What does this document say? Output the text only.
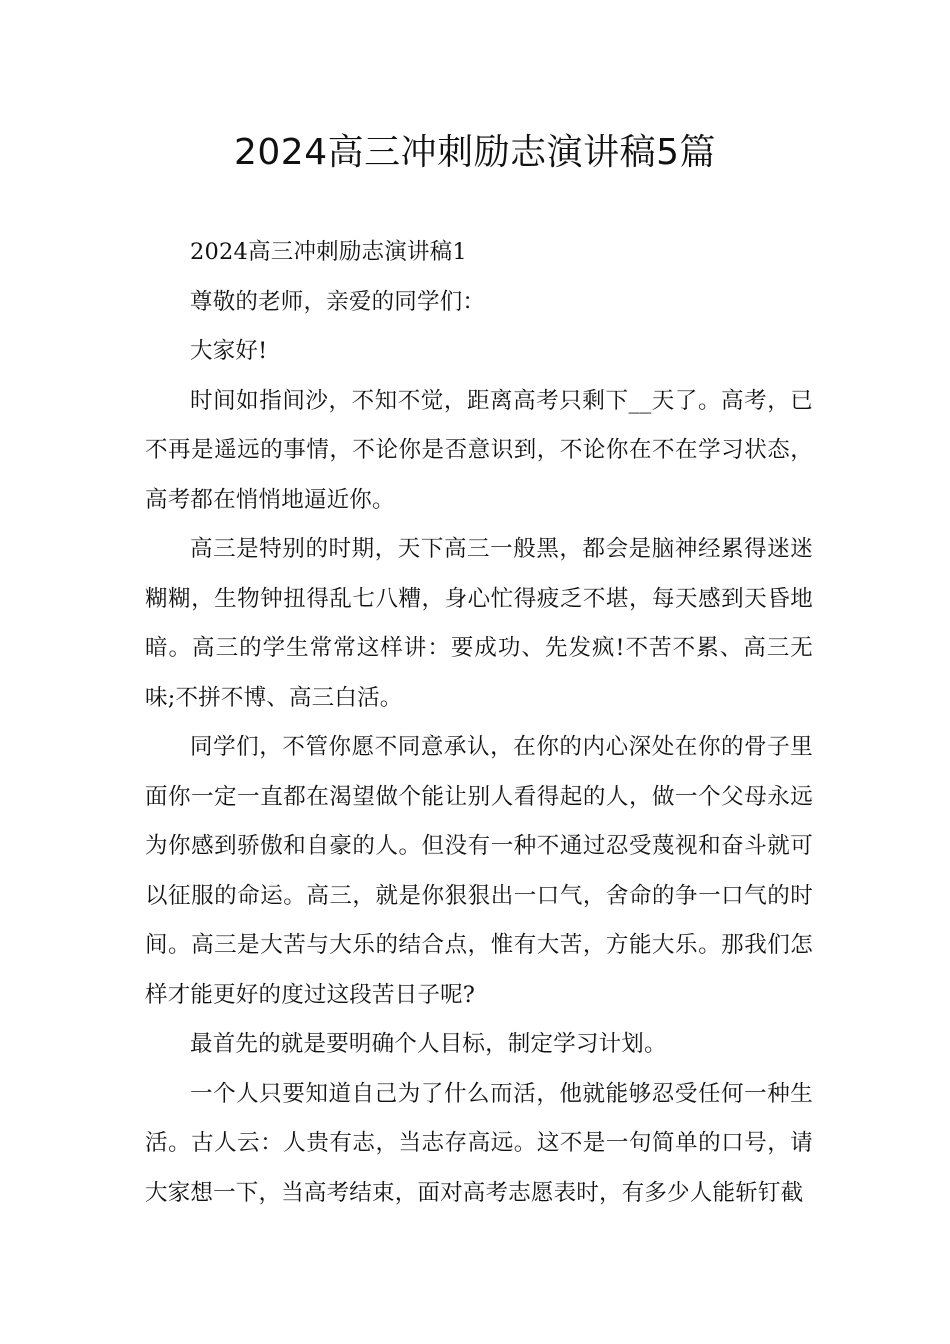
2024高三冲刺励志演讲稿5篇

2024高三冲刺励志演讲稿1

尊敬的老师，亲爱的同学们：

大家好!

时间如指间沙，不知不觉，距离高考只剩下__天了。高考，已不再是遥远的事情，不论你是否意识到，不论你在不在学习状态，高考都在悄悄地逼近你。

高三是特别的时期，天下高三一般黑，都会是脑神经累得迷迷糊糊，生物钟扭得乱七八糟，身心忙得疲乏不堪，每天感到天昏地暗。高三的学生常常这样讲：要成功、先发疯!不苦不累、高三无味;不拼不博、高三白活。

同学们，不管你愿不同意承认，在你的内心深处在你的骨子里面你一定一直都在渴望做个能让别人看得起的人，做一个父母永远为你感到骄傲和自豪的人。但没有一种不通过忍受蔑视和奋斗就可以征服的命运。高三，就是你狠狠出一口气，舍命的争一口气的时间。高三是大苦与大乐的结合点，惟有大苦，方能大乐。那我们怎样才能更好的度过这段苦日子呢?

最首先的就是要明确个人目标，制定学习计划。

一个人只要知道自己为了什么而活，他就能够忍受任何一种生活。古人云：人贵有志，当志存高远。这不是一句简单的口号，请大家想一下，当高考结束，面对高考志愿表时，有多少人能斩钉截
